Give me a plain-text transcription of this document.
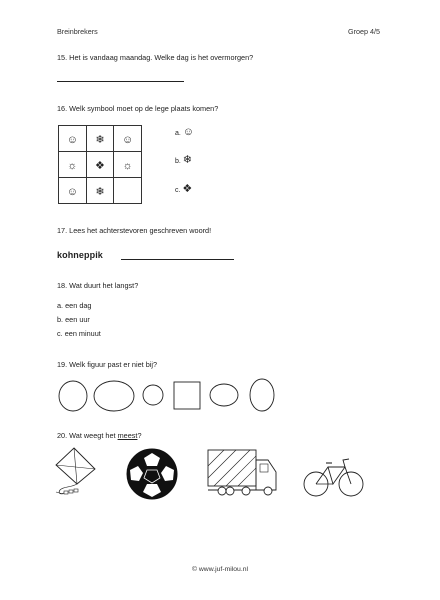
Breinbrekers	Groep 4/5
15. Het is vandaag maandag. Welke dag is het overmorgen?
16. Welk symbool moet op de lege plaats komen?
☺	❄	☺
☼	❖	☼
☺	❄	
a. ☺
b. ❄
c. ❖
17. Lees het achterstevoren geschreven woord!
kohneppik
18. Wat duurt het langst?
a. een dag
b. een uur
c. een minuut
19. Welk figuur past er niet bij?
20. Wat weegt het meest?
© www.juf-milou.nl
